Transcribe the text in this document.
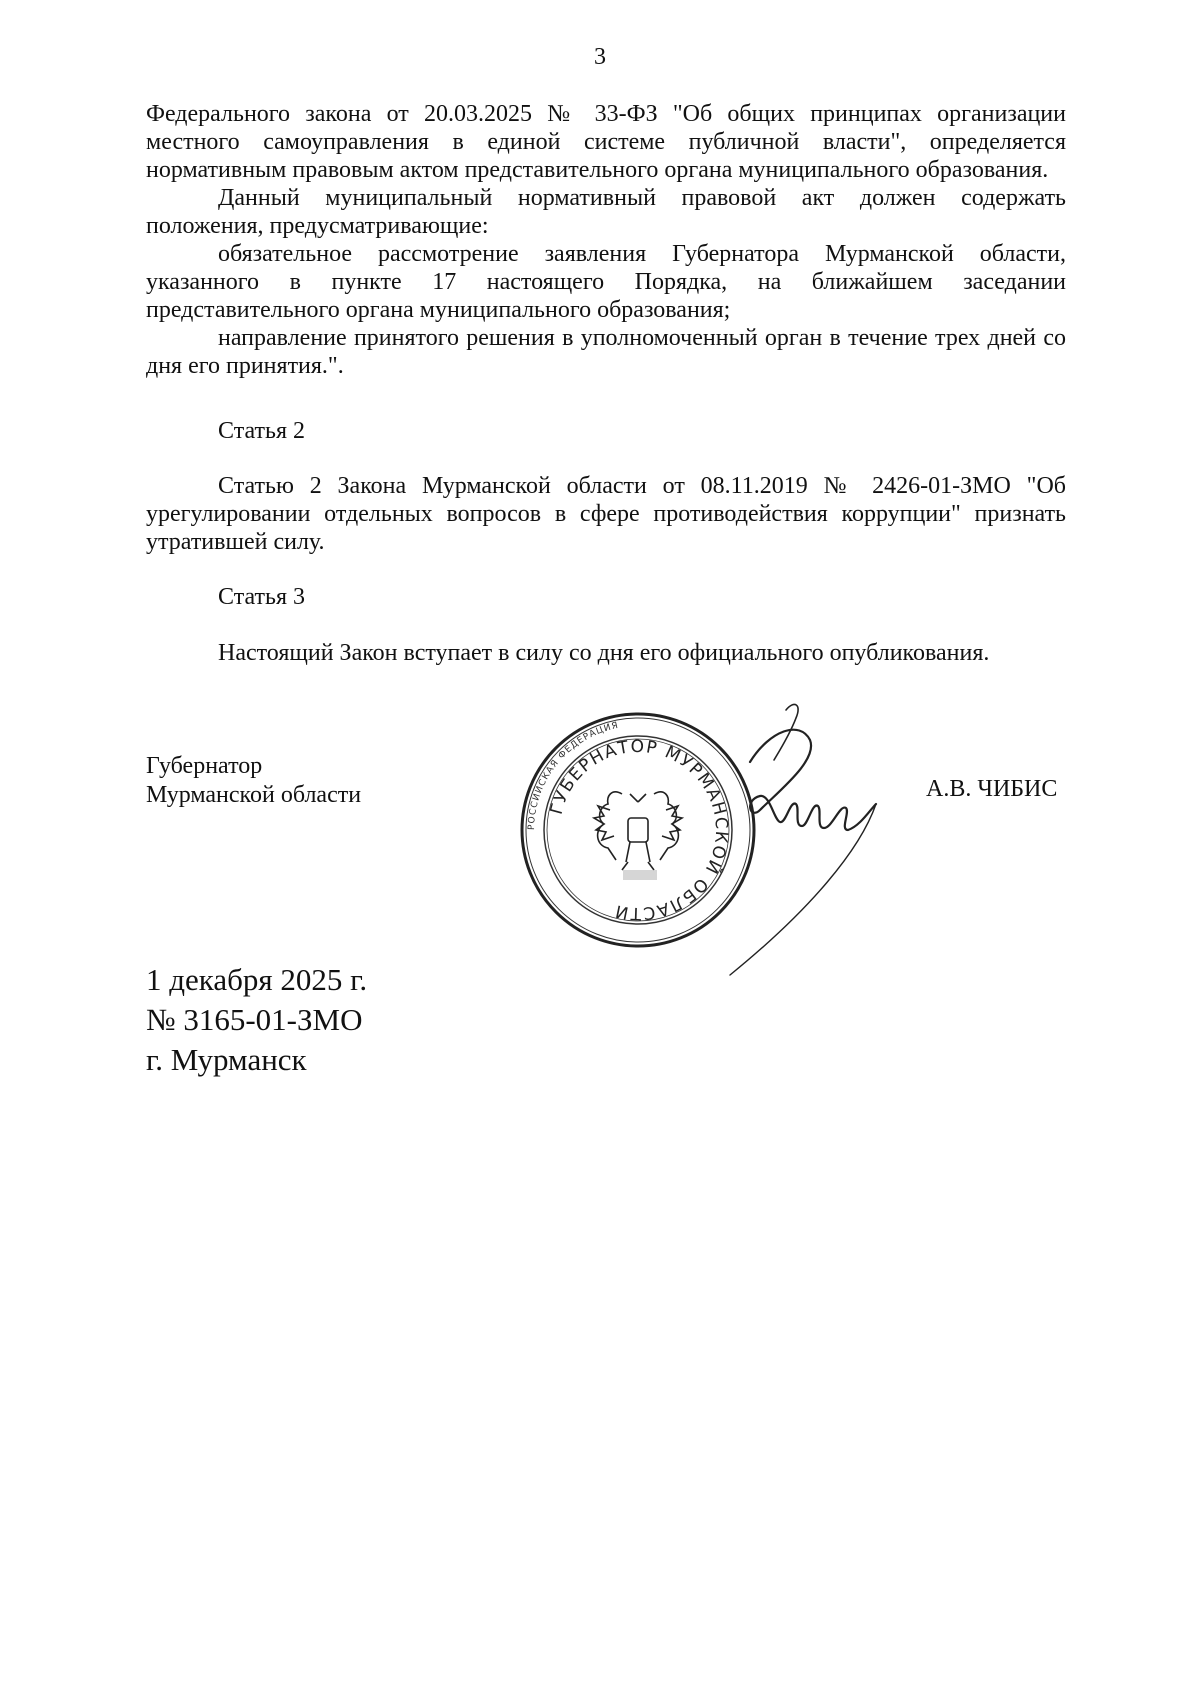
3

Федерального закона от 20.03.2025 № 33-ФЗ "Об общих принципах организации местного самоуправления в единой системе публичной власти", определяется нормативным правовым актом представительного органа муниципального образования.

Данный муниципальный нормативный правовой акт должен содержать положения, предусматривающие:

обязательное рассмотрение заявления Губернатора Мурманской области, указанного в пункте 17 настоящего Порядка, на ближайшем заседании представительного органа муниципального образования;

направление принятого решения в уполномоченный орган в течение трех дней со дня его принятия.".

Статья 2
Статью 2 Закона Мурманской области от 08.11.2019 № 2426-01-ЗМО "Об урегулировании отдельных вопросов в сфере противодействия коррупции" признать утратившей силу.
Статья 3
Настоящий Закон вступает в силу со дня его официального опубликования.
Губернатор
Мурманской области
РОССИЙСКАЯ ФЕДЕРАЦИЯ
ГУБЕРНАТОР МУРМАНСКОЙ ОБЛАСТИ
А.В. ЧИБИС
1 декабря 2025 г.
№ 3165-01-ЗМО
г. Мурманск
